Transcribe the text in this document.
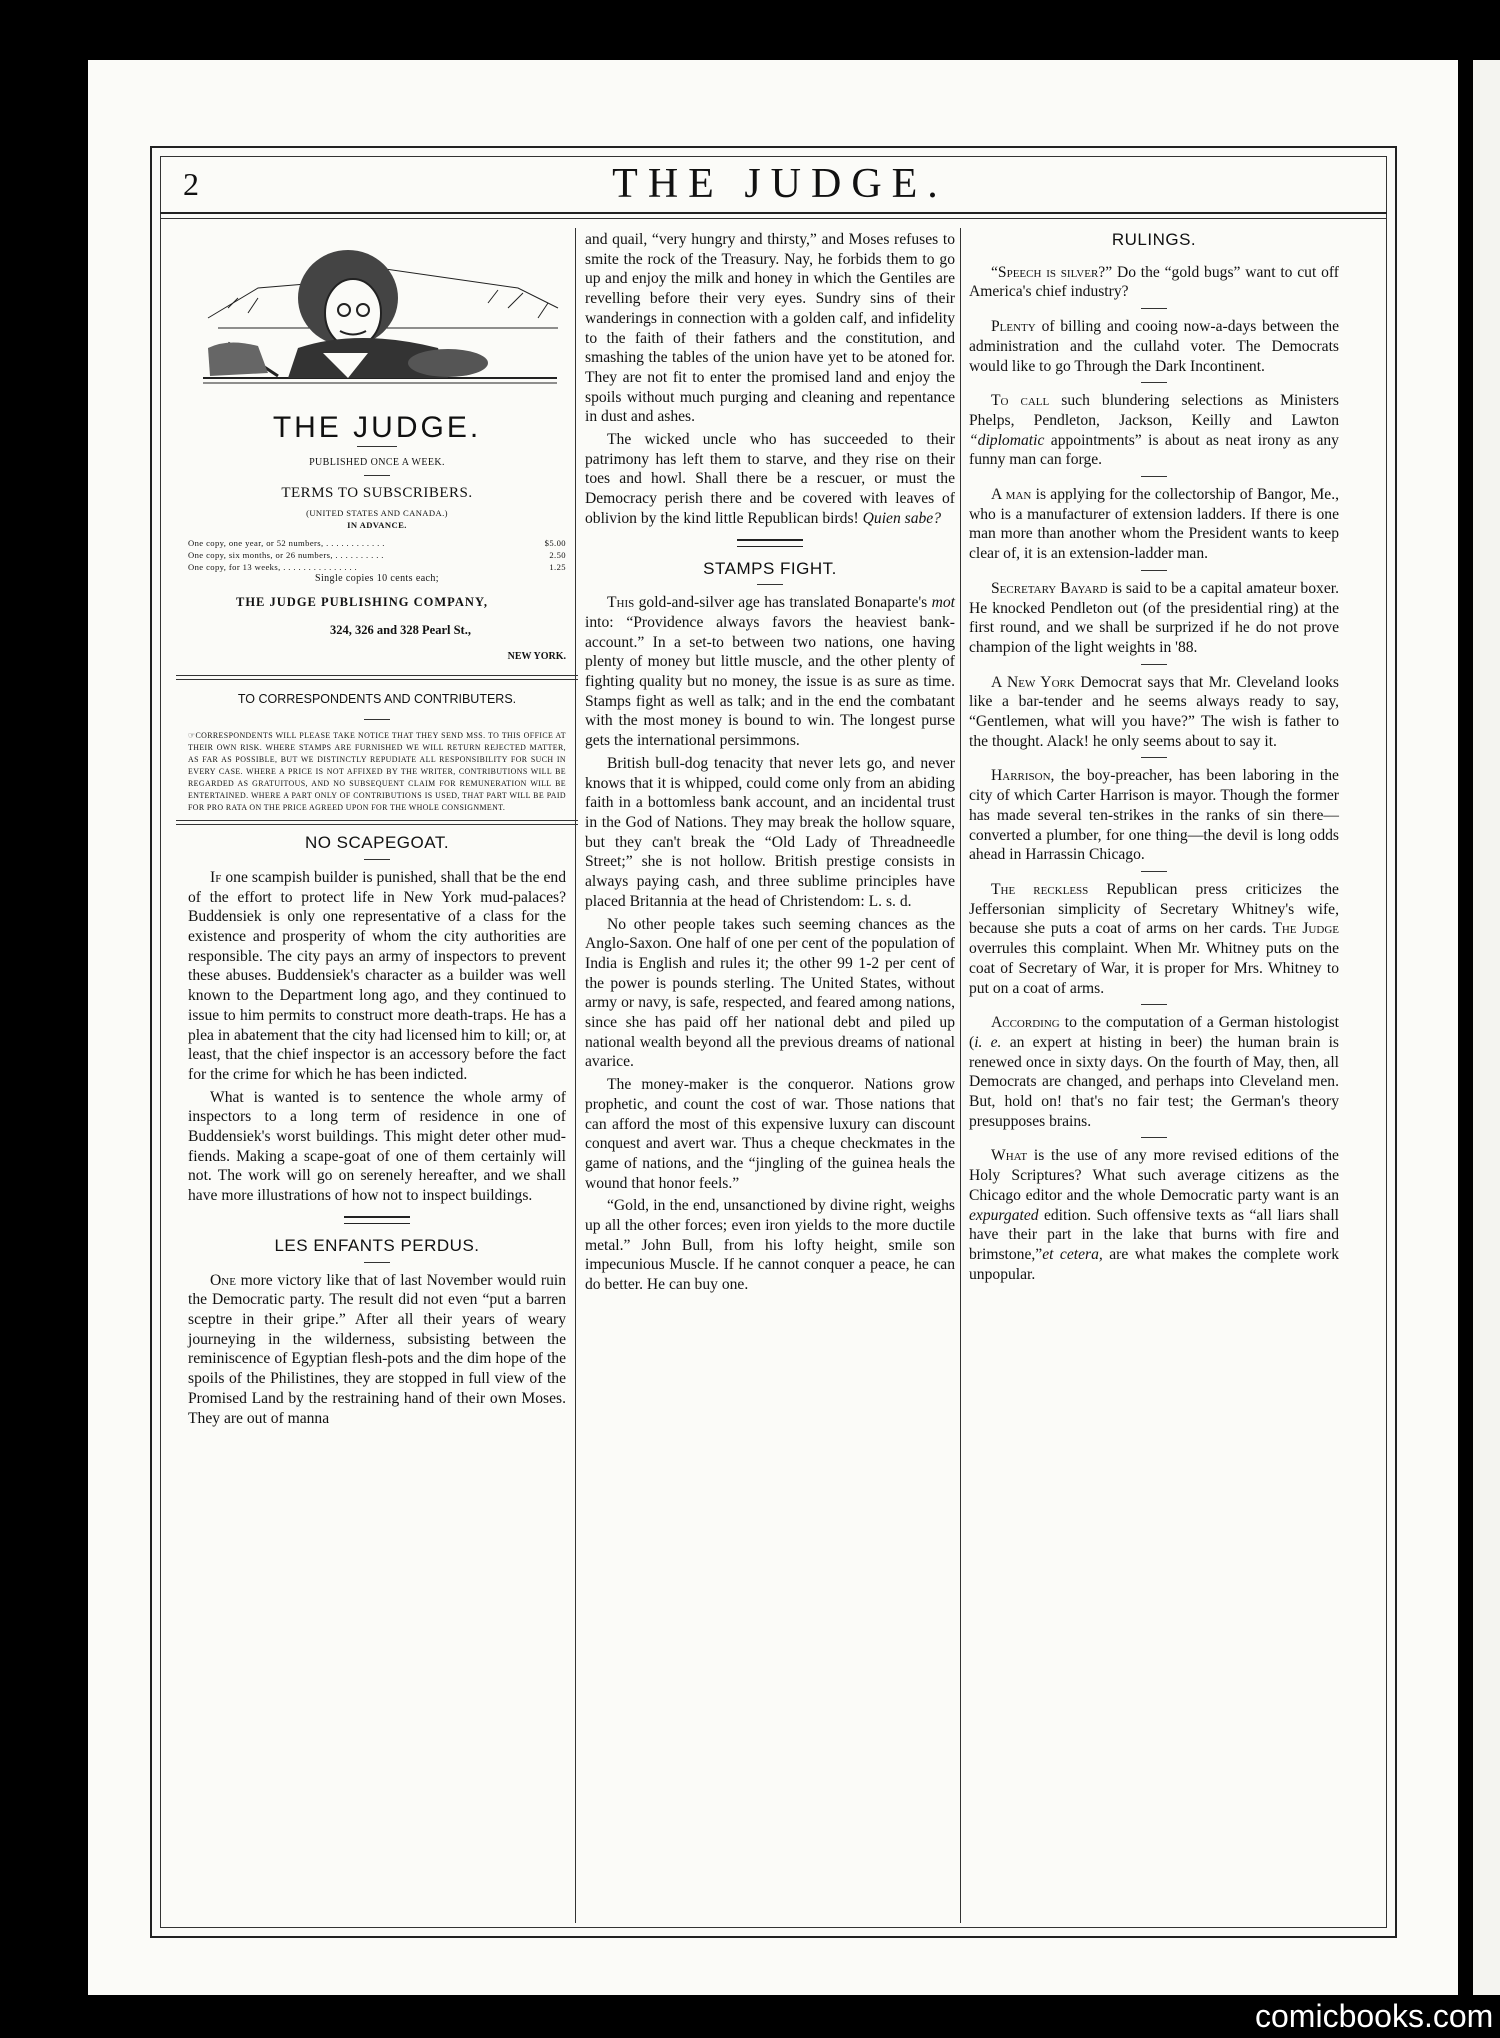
2	THE JUDGE.
THE JUDGE.
PUBLISHED ONCE A WEEK.
TERMS TO SUBSCRIBERS.
(UNITED STATES AND CANADA.)
IN ADVANCE.
One copy, one year, or 52 numbers, . . . . . . . . . . . .	$5.00
One copy, six months, or 26 numbers, . . . . . . . . . .	2.50
One copy, for 13 weeks, . . . . . . . . . . . . . . .	1.25
Single copies 10 cents each;
THE JUDGE PUBLISHING COMPANY,
324, 326 and 328 Pearl St.,
NEW YORK.
TO CORRESPONDENTS AND CONTRIBUTERS.
☞CORRESPONDENTS WILL PLEASE TAKE NOTICE THAT THEY SEND MSS. TO THIS OFFICE AT THEIR OWN RISK. WHERE STAMPS ARE FURNISHED WE WILL RETURN REJECTED MATTER, AS FAR AS POSSIBLE, BUT WE DISTINCTLY REPUDIATE ALL RESPONSIBILITY FOR SUCH IN EVERY CASE. WHERE A PRICE IS NOT AFFIXED BY THE WRITER, CONTRIBUTIONS WILL BE REGARDED AS GRATUITOUS, AND NO SUBSEQUENT CLAIM FOR REMUNERATION WILL BE ENTERTAINED. WHERE A PART ONLY OF CONTRIBUTIONS IS USED, THAT PART WILL BE PAID FOR PRO RATA ON THE PRICE AGREED UPON FOR THE WHOLE CONSIGNMENT.
NO SCAPEGOAT.

If one scampish builder is punished, shall that be the end of the effort to protect life in New York mud-palaces? Buddensiek is only one representative of a class for the existence and prosperity of whom the city authorities are responsible. The city pays an army of inspectors to prevent these abuses. Buddensiek's character as a builder was well known to the Department long ago, and they continued to issue to him permits to construct more death-traps. He has a plea in abatement that the city had licensed him to kill; or, at least, that the chief inspector is an accessory before the fact for the crime for which he has been indicted.

What is wanted is to sentence the whole army of inspectors to a long term of residence in one of Buddensiek's worst buildings. This might deter other mud-fiends. Making a scape-goat of one of them certainly will not. The work will go on serenely hereafter, and we shall have more illustrations of how not to inspect buildings.

LES ENFANTS PERDUS.

One more victory like that of last November would ruin the Democratic party. The result did not even “put a barren sceptre in their gripe.” After all their years of weary journeying in the wilderness, subsisting between the reminiscence of Egyptian flesh-pots and the dim hope of the spoils of the Philistines, they are stopped in full view of the Promised Land by the restraining hand of their own Moses. They are out of manna

and quail, “very hungry and thirsty,” and Moses refuses to smite the rock of the Treasury. Nay, he forbids them to go up and enjoy the milk and honey in which the Gentiles are revelling before their very eyes. Sundry sins of their wanderings in connection with a golden calf, and infidelity to the faith of their fathers and the constitution, and smashing the tables of the union have yet to be atoned for. They are not fit to enter the promised land and enjoy the spoils without much purging and cleaning and repentance in dust and ashes.

The wicked uncle who has succeeded to their patrimony has left them to starve, and they rise on their toes and howl. Shall there be a rescuer, or must the Democracy perish there and be covered with leaves of oblivion by the kind little Republican birds! Quien sabe?

STAMPS FIGHT.

This gold-and-silver age has translated Bonaparte's mot into: “Providence always favors the heaviest bank-account.” In a set-to between two nations, one having plenty of money but little muscle, and the other plenty of fighting quality but no money, the issue is as sure as time. Stamps fight as well as talk; and in the end the combatant with the most money is bound to win. The longest purse gets the international persimmons.

British bull-dog tenacity that never lets go, and never knows that it is whipped, could come only from an abiding faith in a bottomless bank account, and an incidental trust in the God of Nations. They may break the hollow square, but they can't break the “Old Lady of Threadneedle Street;” she is not hollow. British prestige consists in always paying cash, and three sublime principles have placed Britannia at the head of Christendom: L. s. d.

No other people takes such seeming chances as the Anglo-Saxon. One half of one per cent of the population of India is English and rules it; the other 99 1-2 per cent of the power is pounds sterling. The United States, without army or navy, is safe, respected, and feared among nations, since she has paid off her national debt and piled up national wealth beyond all the previous dreams of national avarice.

The money-maker is the conqueror. Nations grow prophetic, and count the cost of war. Those nations that can afford the most of this expensive luxury can discount conquest and avert war. Thus a cheque checkmates in the game of nations, and the “jingling of the guinea heals the wound that honor feels.”

“Gold, in the end, unsanctioned by divine right, weighs up all the other forces; even iron yields to the more ductile metal.” John Bull, from his lofty height, smile son impecunious Muscle. If he cannot conquer a peace, he can do better. He can buy one.

RULINGS.

“Speech is silver?” Do the “gold bugs” want to cut off America's chief industry?

Plenty of billing and cooing now-a-days between the administration and the cullahd voter. The Democrats would like to go Through the Dark Incontinent.

To call such blundering selections as Ministers Phelps, Pendleton, Jackson, Keilly and Lawton “diplomatic appointments” is about as neat irony as any funny man can forge.

A man is applying for the collectorship of Bangor, Me., who is a manufacturer of extension ladders. If there is one man more than another whom the President wants to keep clear of, it is an extension-ladder man.

Secretary Bayard is said to be a capital amateur boxer. He knocked Pendleton out (of the presidential ring) at the first round, and we shall be surprized if he do not prove champion of the light weights in '88.

A New York Democrat says that Mr. Cleveland looks like a bar-tender and he seems always ready to say, “Gentlemen, what will you have?” The wish is father to the thought. Alack! he only seems about to say it.

Harrison, the boy-preacher, has been laboring in the city of which Carter Harrison is mayor. Though the former has made several ten-strikes in the ranks of sin there—converted a plumber, for one thing—the devil is long odds ahead in Harrassin Chicago.

The reckless Republican press criticizes the Jeffersonian simplicity of Secretary Whitney's wife, because she puts a coat of arms on her cards. The Judge overrules this complaint. When Mr. Whitney puts on the coat of Secretary of War, it is proper for Mrs. Whitney to put on a coat of arms.

According to the computation of a German histologist (i. e. an expert at histing in beer) the human brain is renewed once in sixty days. On the fourth of May, then, all Democrats are changed, and perhaps into Cleveland men. But, hold on! that's no fair test; the German's theory presupposes brains.

What is the use of any more revised editions of the Holy Scriptures? What such average citizens as the Chicago editor and the whole Democratic party want is an expurgated edition. Such offensive texts as “all liars shall have their part in the lake that burns with fire and brimstone,”et cetera, are what makes the complete work unpopular.

comicbooks.com
